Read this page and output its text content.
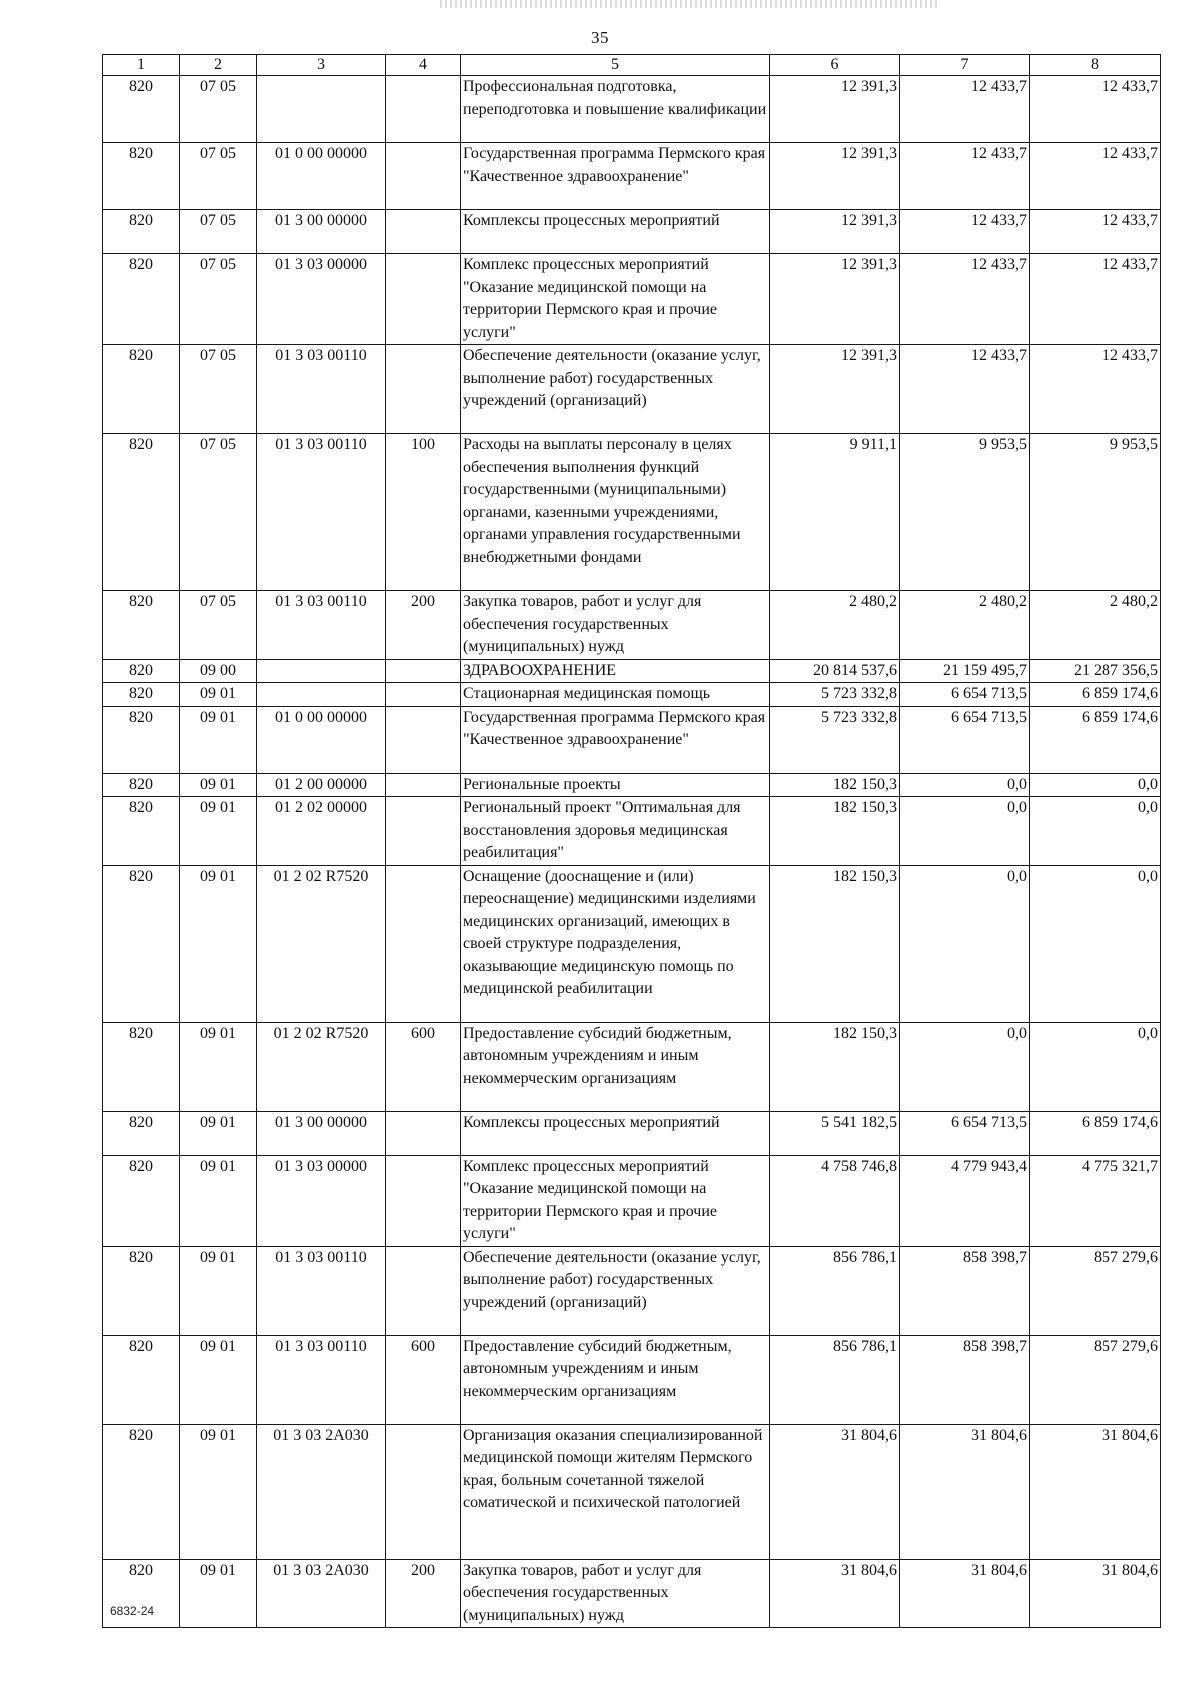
35
1	2	3	4	5	6	7	8
820	07 05			Профессиональная подготовка, переподготовка и повышение квалификации	12 391,3	12 433,7	12 433,7
820	07 05	01 0 00 00000		Государственная программа Пермского края "Качественное здравоохранение"	12 391,3	12 433,7	12 433,7
820	07 05	01 3 00 00000		Комплексы процессных мероприятий	12 391,3	12 433,7	12 433,7
820	07 05	01 3 03 00000		Комплекс процессных мероприятий "Оказание медицинской помощи на территории Пермского края и прочие услуги"	12 391,3	12 433,7	12 433,7
820	07 05	01 3 03 00110		Обеспечение деятельности (оказание услуг, выполнение работ) государственных учреждений (организаций)	12 391,3	12 433,7	12 433,7
820	07 05	01 3 03 00110	100	Расходы на выплаты персоналу в целях обеспечения выполнения функций государственными (муниципальными) органами, казенными учреждениями, органами управления государственными внебюджетными фондами	9 911,1	9 953,5	9 953,5
820	07 05	01 3 03 00110	200	Закупка товаров, работ и услуг для обеспечения государственных (муниципальных) нужд	2 480,2	2 480,2	2 480,2
820	09 00			ЗДРАВООХРАНЕНИЕ	20 814 537,6	21 159 495,7	21 287 356,5
820	09 01			Стационарная медицинская помощь	5 723 332,8	6 654 713,5	6 859 174,6
820	09 01	01 0 00 00000		Государственная программа Пермского края "Качественное здравоохранение"	5 723 332,8	6 654 713,5	6 859 174,6
820	09 01	01 2 00 00000		Региональные проекты	182 150,3	0,0	0,0
820	09 01	01 2 02 00000		Региональный проект "Оптимальная для восстановления здоровья медицинская реабилитация"	182 150,3	0,0	0,0
820	09 01	01 2 02 R7520		Оснащение (дооснащение и (или) переоснащение) медицинскими изделиями медицинских организаций, имеющих в своей структуре подразделения, оказывающие медицинскую помощь по медицинской реабилитации	182 150,3	0,0	0,0
820	09 01	01 2 02 R7520	600	Предоставление субсидий бюджетным, автономным учреждениям и иным некоммерческим организациям	182 150,3	0,0	0,0
820	09 01	01 3 00 00000		Комплексы процессных мероприятий	5 541 182,5	6 654 713,5	6 859 174,6
820	09 01	01 3 03 00000		Комплекс процессных мероприятий "Оказание медицинской помощи на территории Пермского края и прочие услуги"	4 758 746,8	4 779 943,4	4 775 321,7
820	09 01	01 3 03 00110		Обеспечение деятельности (оказание услуг, выполнение работ) государственных учреждений (организаций)	856 786,1	858 398,7	857 279,6
820	09 01	01 3 03 00110	600	Предоставление субсидий бюджетным, автономным учреждениям и иным некоммерческим организациям	856 786,1	858 398,7	857 279,6
820	09 01	01 3 03 2А030		Организация оказания специализированной медицинской помощи жителям Пермского края, больным сочетанной тяжелой соматической и психической патологией	31 804,6	31 804,6	31 804,6
820	09 01	01 3 03 2А030	200	Закупка товаров, работ и услуг для обеспечения государственных (муниципальных) нужд	31 804,6	31 804,6	31 804,6
6832-24
